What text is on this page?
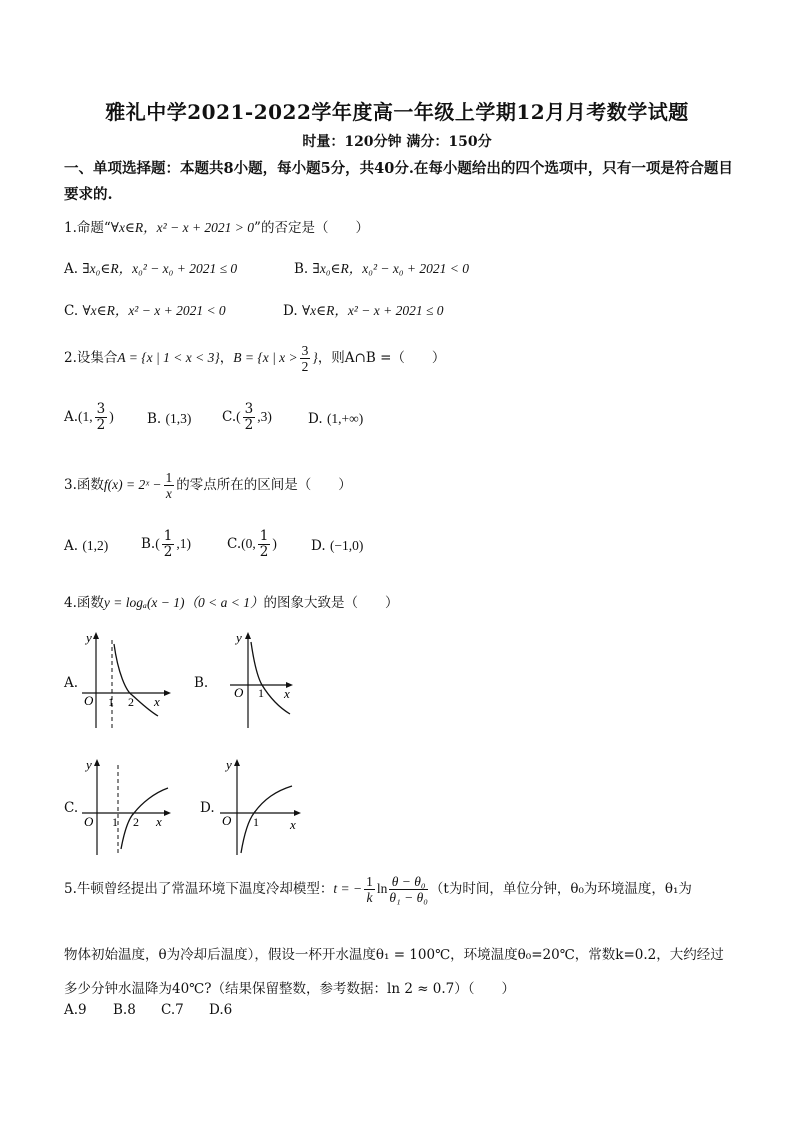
雅礼中学2021-2022学年度高一年级上学期12月月考数学试题
时量：120分钟 满分：150分
一、单项选择题：本题共8小题，每小题5分，共40分.在每小题给出的四个选项中，只有一项是符合题目要求的.
1.命题“∀x∈R，x² − x + 2021 > 0”的否定是（　　）
A. ∃x₀∈R，x₀² − x₀ + 2021 ≤ 0	B. ∃x₀∈R，x₀² − x₀ + 2021 < 0
C. ∀x∈R，x² − x + 2021 < 0	D. ∀x∈R，x² − x + 2021 ≤ 0
2.设集合A = {x | 1 < x < 3}，B = {x | $x > \frac{3}{2}$ }，则A∩B =（　　）
A.(1, $\frac{3}{2}$ ) B. (1,3) $C.( \frac{3}{2} ,3)$	D. (1,+∞)
3.函数f(x) = 2ˣ − $\frac{1}{x}$ 的零点所在的区间是（　　）
A. (1,2) $B.( \frac{1}{2} ,1)$	C.(0, $\frac{1}{2}$ )	D. (−1,0)
4.函数y = logₐ(x − 1)（0 < a < 1）的图象大致是（　　）
A.
y
x
O 1 2
B.
y
x
O 1
C.
y
x
O 1 2
D.
y
x
O 1
5.牛顿曾经提出了常温环境下温度冷却模型：t = − $\frac{1}{k}$ $\ln \frac{\text{θ − θ₀}}{\text{θ₁ − θ₀}} (t$为时间，单位分钟，θ₀为环境温度，θ₁为
物体初始温度，θ为冷却后温度），假设一杯开水温度θ₁ = 100℃，环境温度θ₀=20℃，常数k=0.2，大约经过
多少分钟水温降为40℃?（结果保留整数，参考数据：ln 2 ≈ 0.7）（　　）
A.9 B.8 C.7 D.6
